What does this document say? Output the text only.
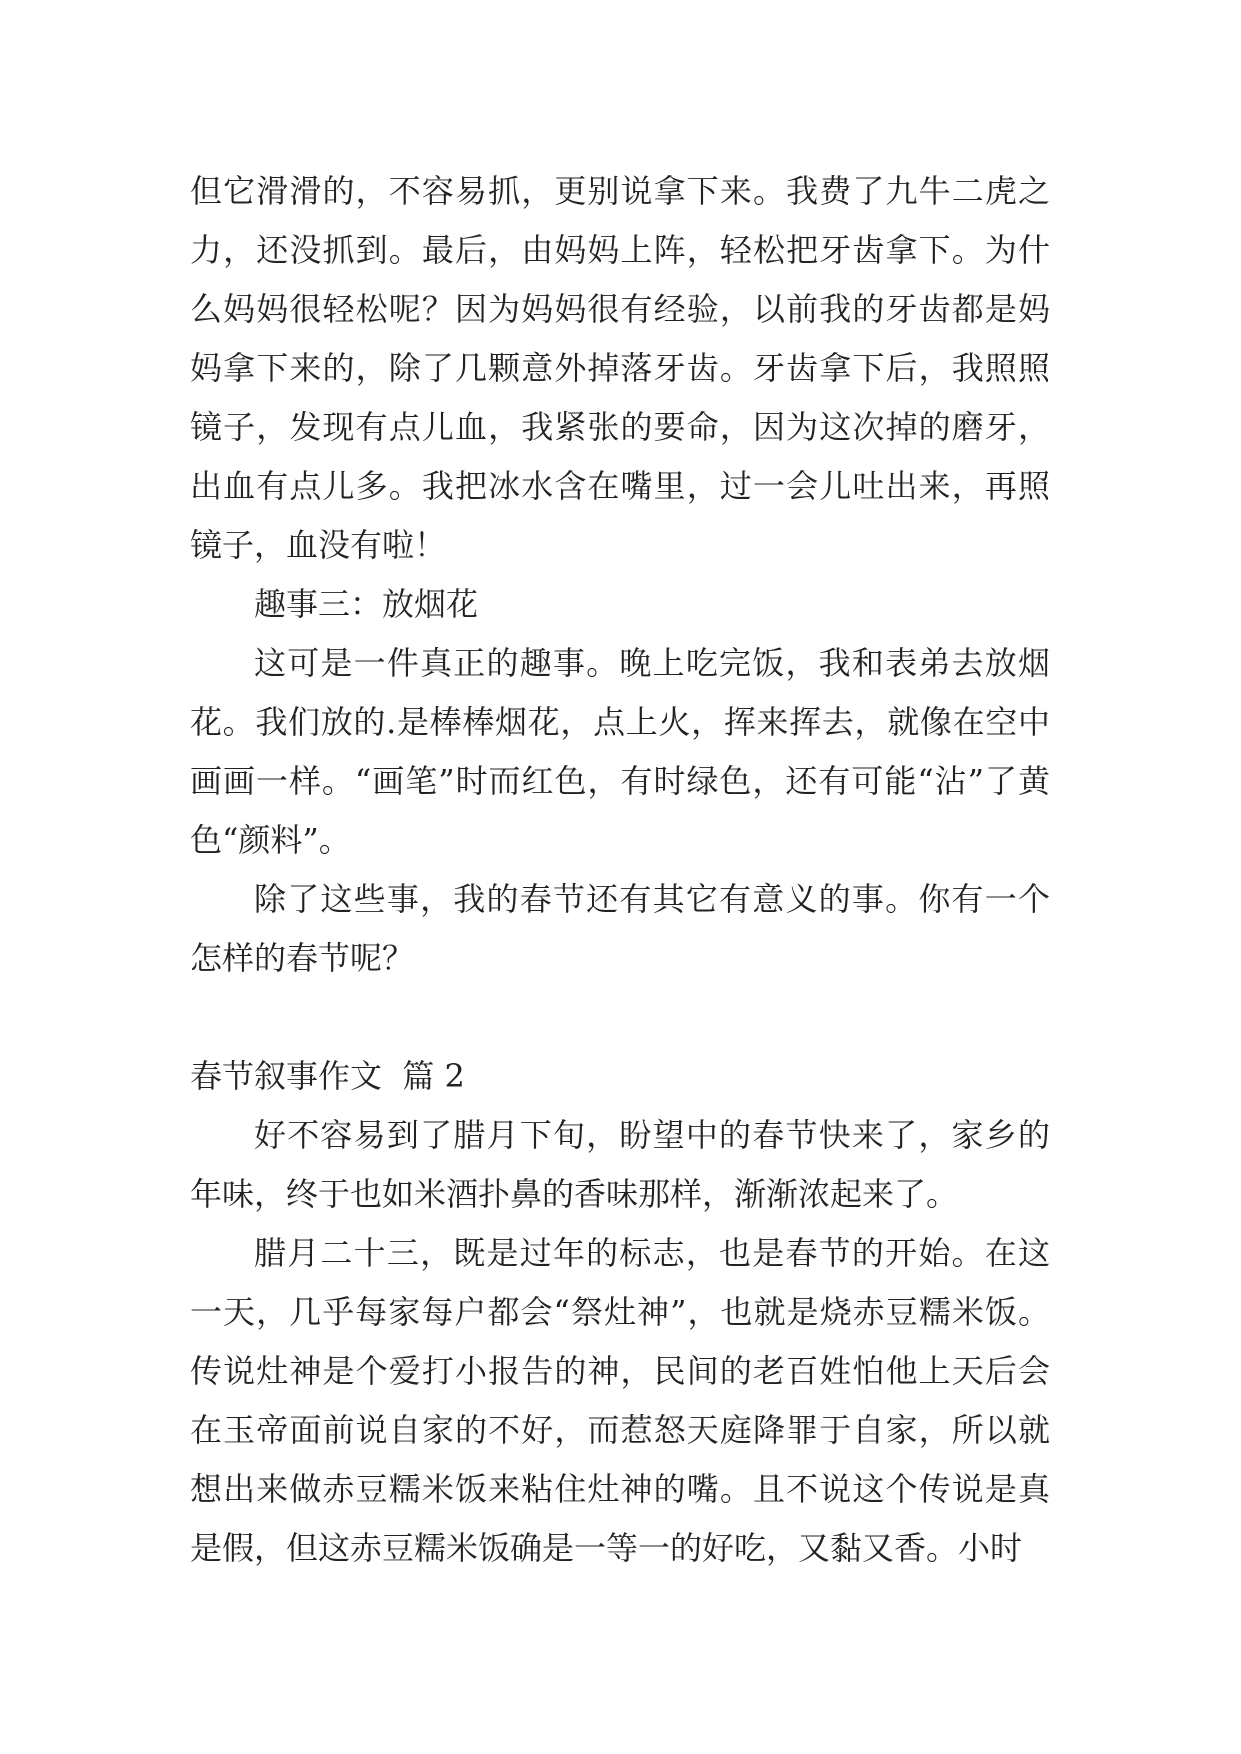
但它滑滑的，不容易抓，更别说拿下来。我费了九牛二虎之力，还没抓到。最后，由妈妈上阵，轻松把牙齿拿下。为什么妈妈很轻松呢？因为妈妈很有经验，以前我的牙齿都是妈妈拿下来的，除了几颗意外掉落牙齿。牙齿拿下后，我照照镜子，发现有点儿血，我紧张的要命，因为这次掉的磨牙，出血有点儿多。我把冰水含在嘴里，过一会儿吐出来，再照镜子，血没有啦！

趣事三：放烟花

这可是一件真正的趣事。晚上吃完饭，我和表弟去放烟花。我们放的.是棒棒烟花，点上火，挥来挥去，就像在空中画画一样。“画笔”时而红色，有时绿色，还有可能“沾”了黄色“颜料”。

除了这些事，我的春节还有其它有意义的事。你有一个怎样的春节呢？

春节叙事作文  篇 2

好不容易到了腊月下旬，盼望中的春节快来了，家乡的年味，终于也如米酒扑鼻的香味那样，渐渐浓起来了。

腊月二十三，既是过年的标志，也是春节的开始。在这一天，几乎每家每户都会“祭灶神”，也就是烧赤豆糯米饭。传说灶神是个爱打小报告的神，民间的老百姓怕他上天后会在玉帝面前说自家的不好，而惹怒天庭降罪于自家，所以就想出来做赤豆糯米饭来粘住灶神的嘴。且不说这个传说是真是假，但这赤豆糯米饭确是一等一的好吃，又黏又香。小时
